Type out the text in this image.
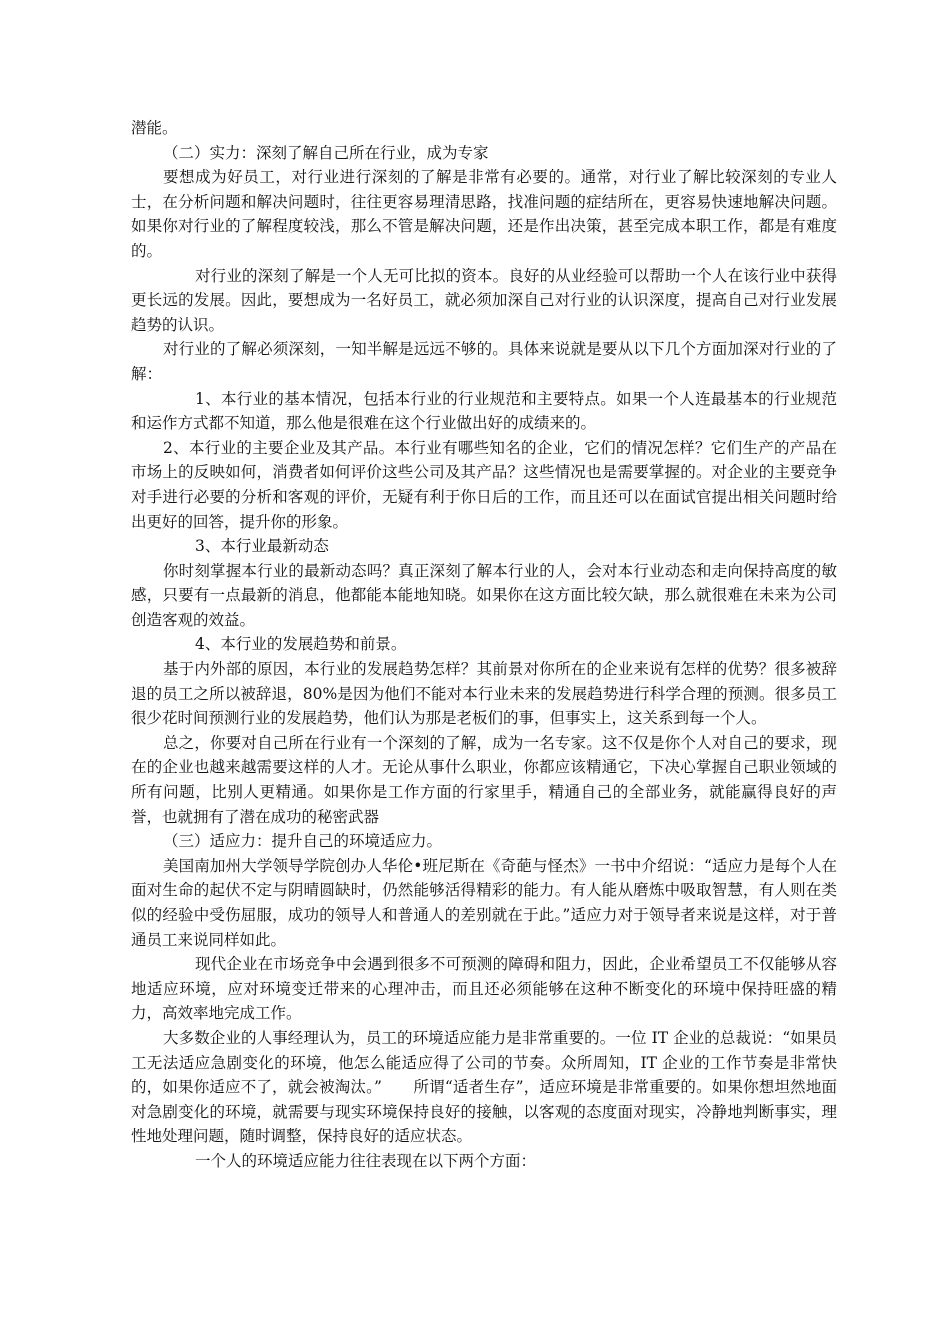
潜能。

（二）实力：深刻了解自己所在行业，成为专家

要想成为好员工，对行业进行深刻的了解是非常有必要的。通常，对行业了解比较深刻的专业人士，在分析问题和解决问题时，往往更容易理清思路，找准问题的症结所在，更容易快速地解决问题。如果你对行业的了解程度较浅，那么不管是解决问题，还是作出决策，甚至完成本职工作，都是有难度的。

对行业的深刻了解是一个人无可比拟的资本。良好的从业经验可以帮助一个人在该行业中获得更长远的发展。因此，要想成为一名好员工，就必须加深自己对行业的认识深度，提高自己对行业发展趋势的认识。

对行业的了解必须深刻，一知半解是远远不够的。具体来说就是要从以下几个方面加深对行业的了解：

1、本行业的基本情况，包括本行业的行业规范和主要特点。如果一个人连最基本的行业规范和运作方式都不知道，那么他是很难在这个行业做出好的成绩来的。

2、本行业的主要企业及其产品。本行业有哪些知名的企业，它们的情况怎样？它们生产的产品在市场上的反映如何，消费者如何评价这些公司及其产品？这些情况也是需要掌握的。对企业的主要竞争对手进行必要的分析和客观的评价，无疑有利于你日后的工作，而且还可以在面试官提出相关问题时给出更好的回答，提升你的形象。

3、本行业最新动态

你时刻掌握本行业的最新动态吗？真正深刻了解本行业的人，会对本行业动态和走向保持高度的敏感，只要有一点最新的消息，他都能本能地知晓。如果你在这方面比较欠缺，那么就很难在未来为公司创造客观的效益。

4、本行业的发展趋势和前景。

基于内外部的原因，本行业的发展趋势怎样？其前景对你所在的企业来说有怎样的优势？很多被辞退的员工之所以被辞退，80%是因为他们不能对本行业未来的发展趋势进行科学合理的预测。很多员工很少花时间预测行业的发展趋势，他们认为那是老板们的事，但事实上，这关系到每一个人。

总之，你要对自己所在行业有一个深刻的了解，成为一名专家。这不仅是你个人对自己的要求，现在的企业也越来越需要这样的人才。无论从事什么职业，你都应该精通它，下决心掌握自己职业领域的所有问题，比别人更精通。如果你是工作方面的行家里手，精通自己的全部业务，就能赢得良好的声誉，也就拥有了潜在成功的秘密武器

（三）适应力：提升自己的环境适应力。

美国南加州大学领导学院创办人华伦•班尼斯在《奇葩与怪杰》一书中介绍说：“适应力是每个人在面对生命的起伏不定与阴晴圆缺时，仍然能够活得精彩的能力。有人能从磨炼中吸取智慧，有人则在类似的经验中受伤屈服，成功的领导人和普通人的差别就在于此。”适应力对于领导者来说是这样，对于普通员工来说同样如此。

现代企业在市场竞争中会遇到很多不可预测的障碍和阻力，因此，企业希望员工不仅能够从容地适应环境，应对环境变迁带来的心理冲击，而且还必须能够在这种不断变化的环境中保持旺盛的精力，高效率地完成工作。

大多数企业的人事经理认为，员工的环境适应能力是非常重要的。一位 IT 企业的总裁说：“如果员工无法适应急剧变化的环境，他怎么能适应得了公司的节奏。众所周知，IT 企业的工作节奏是非常快的，如果你适应不了，就会被淘汰。”　　所谓“适者生存”，适应环境是非常重要的。如果你想坦然地面对急剧变化的环境，就需要与现实环境保持良好的接触，以客观的态度面对现实，冷静地判断事实，理性地处理问题，随时调整，保持良好的适应状态。

一个人的环境适应能力往往表现在以下两个方面：
